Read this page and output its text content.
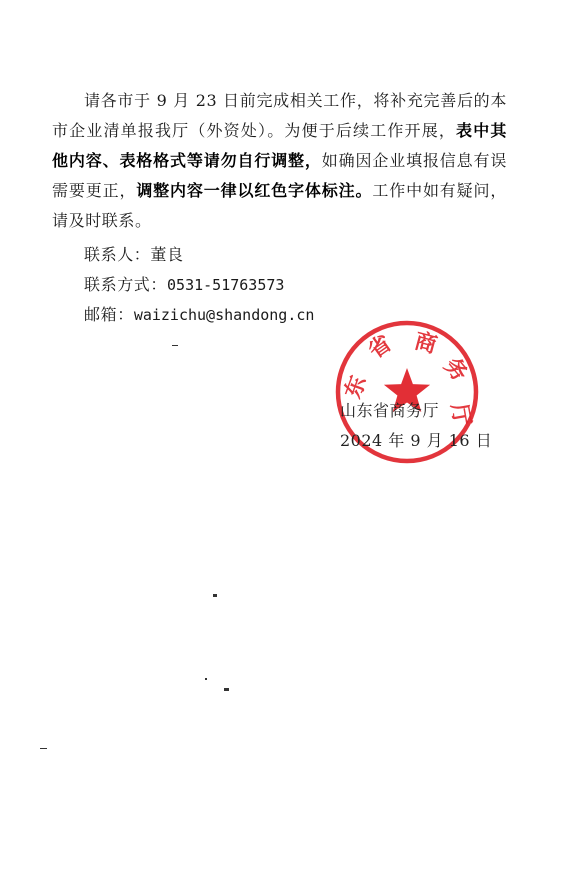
请各市于 9 月 23 日前完成相关工作，将补充完善后的本市企业清单报我厅（外资处）。为便于后续工作开展，表中其他内容、表格格式等请勿自行调整，如确因企业填报信息有误需要更正，调整内容一律以红色字体标注。工作中如有疑问，请及时联系。

联系人：董良
联系方式：0531-51763573
邮箱：waizichu@shandong.cn
东
省 商
务
厅
山东省商务厅
2024 年 9 月 16 日
